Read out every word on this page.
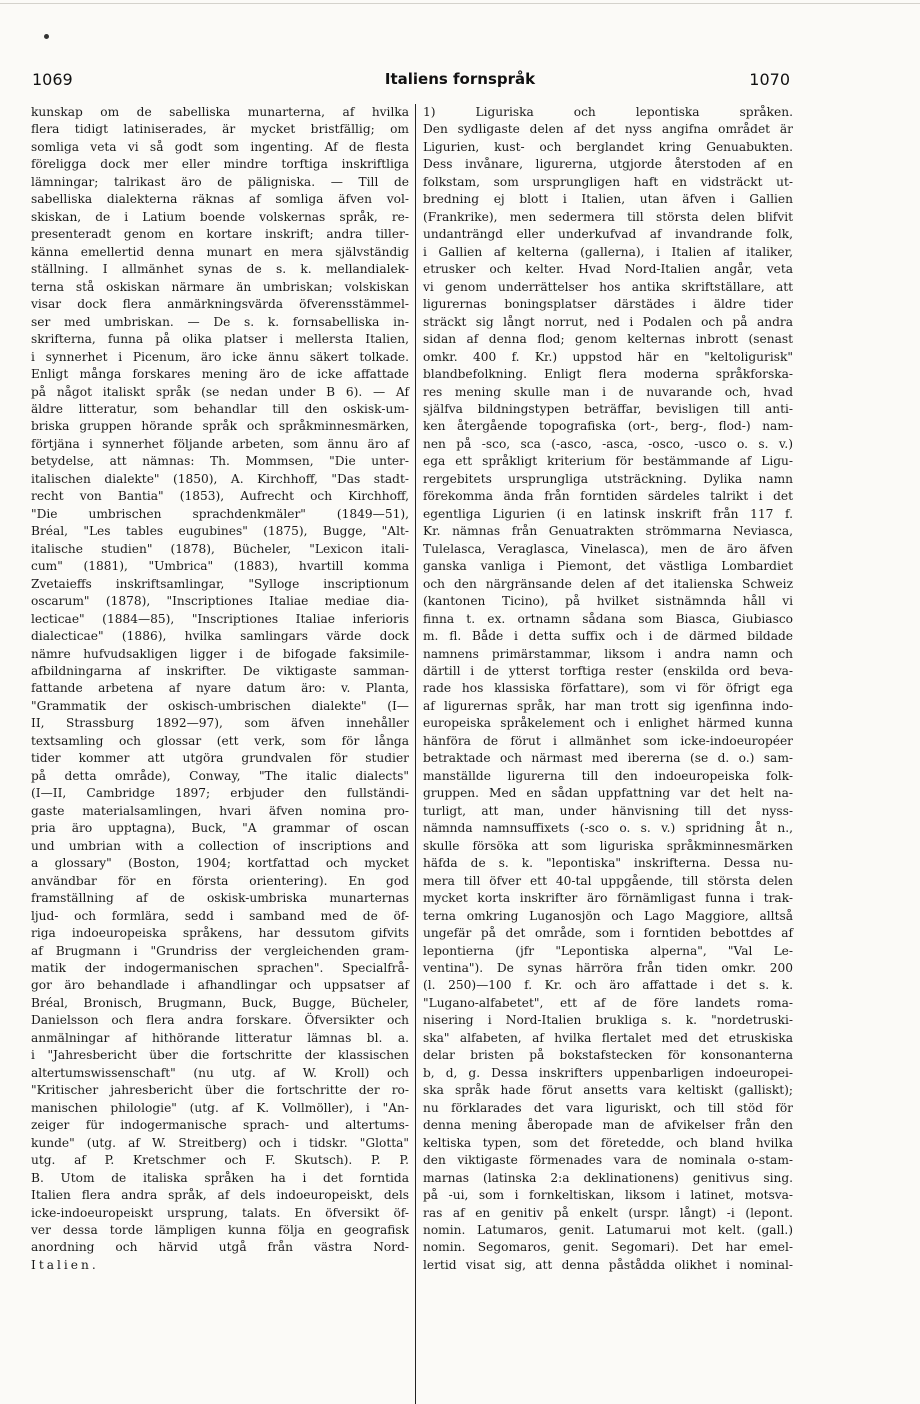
1069	Italiens fornspråk	1070
kunskap om de sabelliska munarterna, af hvilka
flera tidigt latiniserades, är mycket bristfällig; om
somliga veta vi så godt som ingenting. Af de flesta
föreligga dock mer eller mindre torftiga inskriftliga
lämningar; talrikast äro de päligniska. — Till de
sabelliska dialekterna räknas af somliga äfven vol-
skiskan, de i Latium boende volskernas språk, re-
presenteradt genom en kortare inskrift; andra tiller-
känna emellertid denna munart en mera självständig
ställning. I allmänhet synas de s. k. mellandialek-
terna stå oskiskan närmare än umbriskan; volskiskan
visar dock flera anmärkningsvärda öfverensstämmel-
ser med umbriskan. — De s. k. fornsabelliska in-
skrifterna, funna på olika platser i mellersta Italien,
i synnerhet i Picenum, äro icke ännu säkert tolkade.
Enligt många forskares mening äro de icke affattade
på något italiskt språk (se nedan under B 6). — Af
äldre litteratur, som behandlar till den oskisk-um-
briska gruppen hörande språk och språkminnesmärken,
förtjäna i synnerhet följande arbeten, som ännu äro af
betydelse, att nämnas: Th. Mommsen, "Die unter-
italischen dialekte" (1850), A. Kirchhoff, "Das stadt-
recht von Bantia" (1853), Aufrecht och Kirchhoff,
"Die umbrischen sprachdenkmäler" (1849—51),
Bréal, "Les tables eugubines" (1875), Bugge, "Alt-
italische studien" (1878), Bücheler, "Lexicon itali-
cum" (1881), "Umbrica" (1883), hvartill komma
Zvetaieffs inskriftsamlingar, "Sylloge inscriptionum
oscarum" (1878), "Inscriptiones Italiae mediae dia-
lecticae" (1884—85), "Inscriptiones Italiae inferioris
dialecticae" (1886), hvilka samlingars värde dock
nämre hufvudsakligen ligger i de bifogade faksimile-
afbildningarna af inskrifter. De viktigaste samman-
fattande arbetena af nyare datum äro: v. Planta,
"Grammatik der oskisch-umbrischen dialekte" (I—
II, Strassburg 1892—97), som äfven innehåller
textsamling och glossar (ett verk, som för långa
tider kommer att utgöra grundvalen för studier
på detta område), Conway, "The italic dialects"
(I—II, Cambridge 1897; erbjuder den fullständi-
gaste materialsamlingen, hvari äfven nomina pro-
pria äro upptagna), Buck, "A grammar of oscan
und umbrian with a collection of inscriptions and
a glossary" (Boston, 1904; kortfattad och mycket
användbar för en första orientering). En god
framställning af de oskisk-umbriska munarternas
ljud- och formlära, sedd i samband med de öf-
riga indoeuropeiska språkens, har dessutom gifvits
af Brugmann i "Grundriss der vergleichenden gram-
matik der indogermanischen sprachen". Specialfrå-
gor äro behandlade i afhandlingar och uppsatser af
Bréal, Bronisch, Brugmann, Buck, Bugge, Bücheler,
Danielsson och flera andra forskare. Öfversikter och
anmälningar af hithörande litteratur lämnas bl. a.
i "Jahresbericht über die fortschritte der klassischen
altertumswissenschaft" (nu utg. af W. Kroll) och
"Kritischer jahresbericht über die fortschritte der ro-
manischen philologie" (utg. af K. Vollmöller), i "An-
zeiger für indogermanische sprach- und altertums-
kunde" (utg. af W. Streitberg) och i tidskr. "Glotta"
utg. af P. Kretschmer och F. Skutsch). P. P.
B. Utom de italiska språken ha i det forntida
Italien flera andra språk, af dels indoeuropeiskt, dels
icke-indoeuropeiskt ursprung, talats. En öfversikt öf-
ver dessa torde lämpligen kunna följa en geografisk
anordning och härvid utgå från västra Nord-
Italien.
1) Liguriska och lepontiska språken.
Den sydligaste delen af det nyss angifna området är
Ligurien, kust- och berglandet kring Genuabukten.
Dess invånare, ligurerna, utgjorde återstoden af en
folkstam, som ursprungligen haft en vidsträckt ut-
bredning ej blott i Italien, utan äfven i Gallien
(Frankrike), men sedermera till största delen blifvit
undanträngd eller underkufvad af invandrande folk,
i Gallien af kelterna (gallerna), i Italien af italiker,
etrusker och kelter. Hvad Nord-Italien angår, veta
vi genom underrättelser hos antika skriftställare, att
ligurernas boningsplatser därstädes i äldre tider
sträckt sig långt norrut, ned i Podalen och på andra
sidan af denna flod; genom kelternas inbrott (senast
omkr. 400 f. Kr.) uppstod här en "keltoligurisk"
blandbefolkning. Enligt flera moderna språkforska-
res mening skulle man i de nuvarande och, hvad
själfva bildningstypen beträffar, bevisligen till anti-
ken återgående topografiska (ort-, berg-, flod-) nam-
nen på -sco, sca (-asco, -asca, -osco, -usco o. s. v.)
ega ett språkligt kriterium för bestämmande af Ligu-
rergebitets ursprungliga utsträckning. Dylika namn
förekomma ända från forntiden särdeles talrikt i det
egentliga Ligurien (i en latinsk inskrift från 117 f.
Kr. nämnas från Genuatrakten strömmarna Neviasca,
Tulelasca, Veraglasca, Vinelasca), men de äro äfven
ganska vanliga i Piemont, det västliga Lombardiet
och den närgränsande delen af det italienska Schweiz
(kantonen Ticino), på hvilket sistnämnda håll vi
finna t. ex. ortnamn sådana som Biasca, Giubiasco
m. fl. Både i detta suffix och i de därmed bildade
namnens primärstammar, liksom i andra namn och
därtill i de ytterst torftiga rester (enskilda ord beva-
rade hos klassiska författare), som vi för öfrigt ega
af ligurernas språk, har man trott sig igenfinna indo-
europeiska språkelement och i enlighet härmed kunna
hänföra de förut i allmänhet som icke-indoeuropéer
betraktade och närmast med ibererna (se d. o.) sam-
manställde ligurerna till den indoeuropeiska folk-
gruppen. Med en sådan uppfattning var det helt na-
turligt, att man, under hänvisning till det nyss-
nämnda namnsuffixets (-sco o. s. v.) spridning åt n.,
skulle försöka att som liguriska språkminnesmärken
häfda de s. k. "lepontiska" inskrifterna. Dessa nu-
mera till öfver ett 40-tal uppgående, till största delen
mycket korta inskrifter äro förnämligast funna i trak-
terna omkring Luganosjön och Lago Maggiore, alltså
ungefär på det område, som i forntiden bebottdes af
lepontierna (jfr "Lepontiska alperna", "Val Le-
ventina"). De synas härröra från tiden omkr. 200
(l. 250)—100 f. Kr. och äro affattade i det s. k.
"Lugano-alfabetet", ett af de före landets roma-
nisering i Nord-Italien brukliga s. k. "nordetruski-
ska" alfabeten, af hvilka flertalet med det etruskiska
delar bristen på bokstafstecken för konsonanterna
b, d, g. Dessa inskrifters uppenbarligen indoeuropei-
ska språk hade förut ansetts vara keltiskt (galliskt);
nu förklarades det vara liguriskt, och till stöd för
denna mening åberopade man de afvikelser från den
keltiska typen, som det företedde, och bland hvilka
den viktigaste förmenades vara de nominala o-stam-
marnas (latinska 2:a deklinationens) genitivus sing.
på -ui, som i fornkeltiskan, liksom i latinet, motsva-
ras af en genitiv på enkelt (urspr. långt) -i (lepont.
nomin. Latumaros, genit. Latumarui mot kelt. (gall.)
nomin. Segomaros, genit. Segomari). Det har emel-
lertid visat sig, att denna påstådda olikhet i nominal-
